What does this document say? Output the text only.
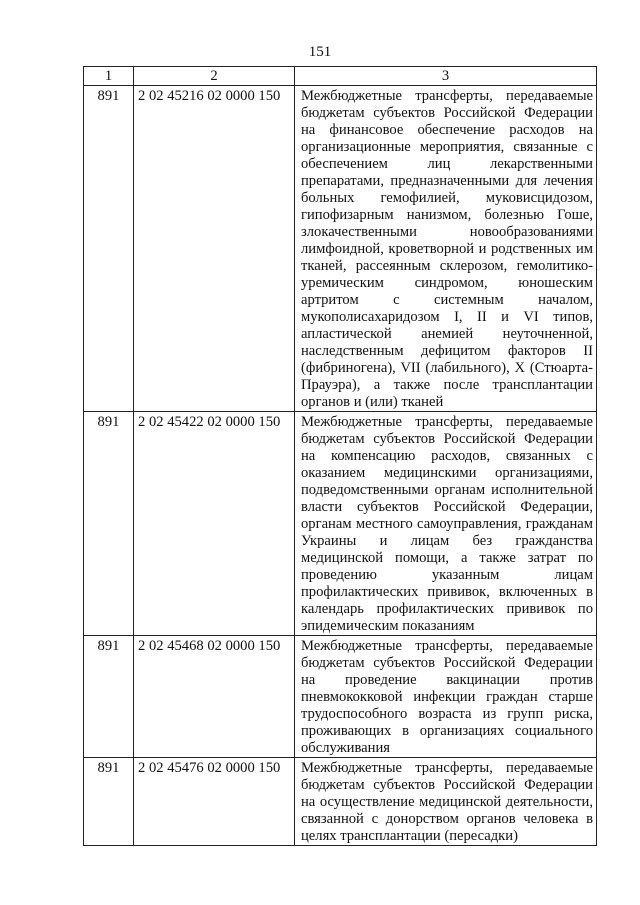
151
1	2	3
891	2 02 45216 02 0000 150	Межбюджетные трансферты, передаваемые бюджетам субъектов Российской Федерации на финансовое обеспечение расходов на организационные мероприятия, связанные с обеспечением лиц лекарственными препаратами, предназначенными для лечения больных гемофилией, муковисцидозом, гипофизарным нанизмом, болезнью Гоше, злокачественными новообразованиями лимфоидной, кроветворной и родственных им тканей, рассеянным склерозом, гемолитико-уремическим синдромом, юношеским артритом с системным началом, мукополисахаридозом I, II и VI типов, апластической анемией неуточненной, наследственным дефицитом факторов II (фибриногена), VII (лабильного), X (Стюарта-Прауэра), а также после трансплантации органов и (или) тканей
891	2 02 45422 02 0000 150	Межбюджетные трансферты, передаваемые бюджетам субъектов Российской Федерации на компенсацию расходов, связанных с оказанием медицинскими организациями, подведомственными органам исполнительной власти субъектов Российской Федерации, органам местного самоуправления, гражданам Украины и лицам без гражданства медицинской помощи, а также затрат по проведению указанным лицам профилактических прививок, включенных в календарь профилактических прививок по эпидемическим показаниям
891	2 02 45468 02 0000 150	Межбюджетные трансферты, передаваемые бюджетам субъектов Российской Федерации на проведение вакцинации против пневмококковой инфекции граждан старше трудоспособного возраста из групп риска, проживающих в организациях социального обслуживания
891	2 02 45476 02 0000 150	Межбюджетные трансферты, передаваемые бюджетам субъектов Российской Федерации на осуществление медицинской деятельности, связанной с донорством органов человека в целях трансплантации (пересадки)
